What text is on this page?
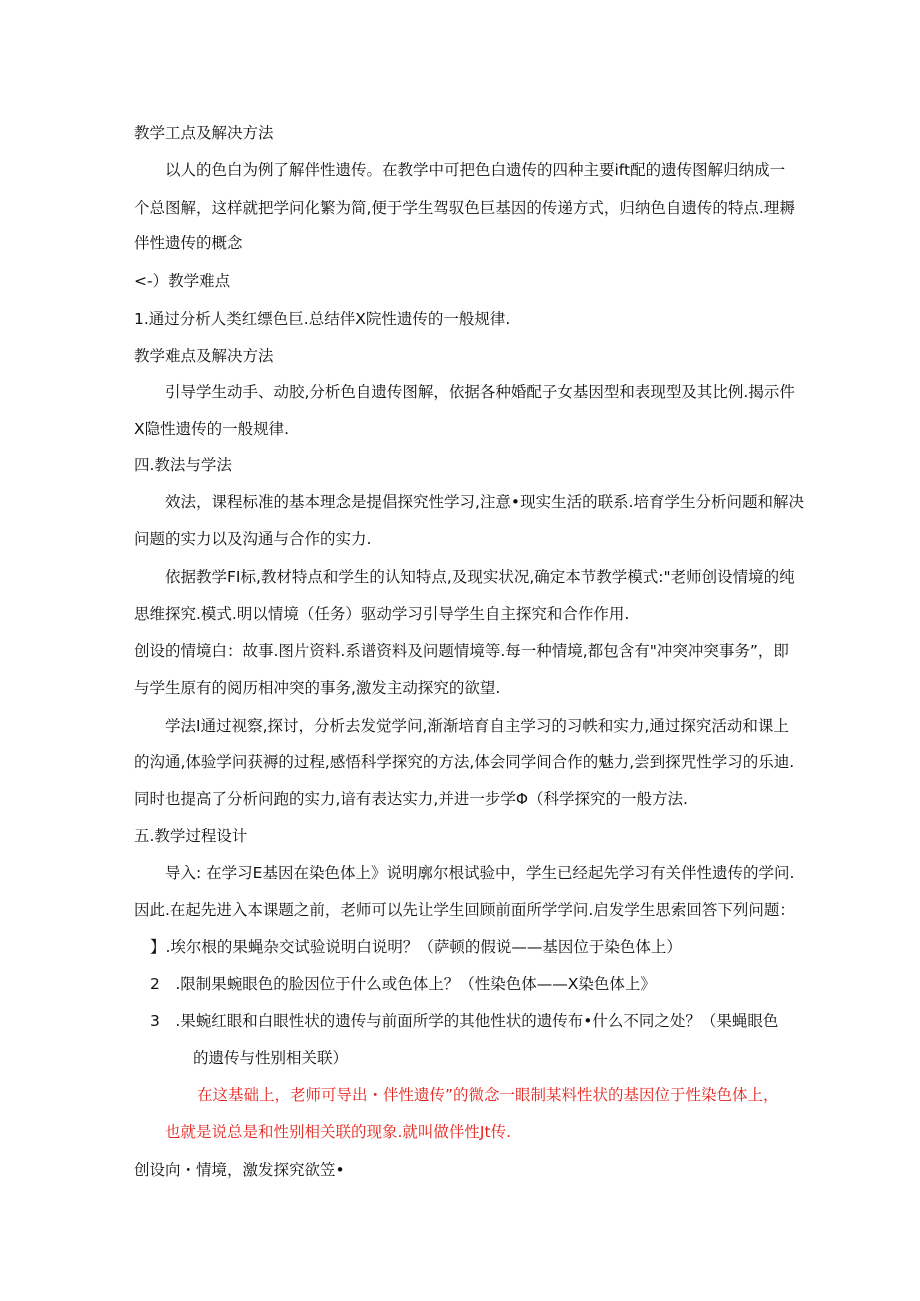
教学工点及解决方法
以人的色白为例了解伴性遗传。在教学中可把色白遗传的四种主要ift配的遗传图解归纳成一
个总图解，这样就把学问化繁为简,便于学生驾驭色巨基因的传递方式，归纳色自遗传的特点.理耨
伴性遗传的概念
<-）教学难点
1.通过分析人类红缥色巨.总结伴X院性遗传的一般规律.
教学难点及解决方法
引导学生动手、动胶,分析色自遗传图解，依据各种婚配子女基因型和表现型及其比例.揭示件
X隐性遗传的一般规律.
四.教法与学法
效法，课程标准的基本理念是提倡探究性学习,注意•现实生活的联系.培育学生分析问题和解决
问题的实力以及沟通与合作的实力.
依据教学FI标,教材特点和学生的认知特点,及现实状况,确定本节教学模式:"老师创设情境的纯
思维探究.模式.明以情境（任务）驱动学习引导学生自主探究和合作作用.
创设的情境白：故事.图片资料.系谱资料及问题情境等.每一种情境,都包含有"冲突冲突事务”，即
与学生原有的阅历相冲突的事务,激发主动探究的欲望.
学法I通过视察,探讨，分析去发觉学问,渐渐培育自主学习的习帙和实力,通过探究活动和课上
的沟通,体验学问获褥的过程,感悟科学探究的方法,体会同学间合作的魅力,尝到探咒性学习的乐迪.
同时也提高了分析问跑的实力,谙有表达实力,并进一步学Φ（科学探究的一般方法.
五.教学过程设计
导入: 在学习E基因在染色体上》说明廓尔根试验中，学生已经起先学习有关伴性遗传的学问.
因此.在起先进入本课题之前，老师可以先让学生回顾前面所学学问.启发学生思索回答下列问题：
】.埃尔根的果蝇杂交试验说明白说明？（萨顿的假说——基因位于染色体上）
2　.限制果蜿眼色的脸因位于什么或色体上？（性染色体——X染色体上》
3　.果蜿红眼和白眼性状的遗传与前面所学的其他性状的遗传布•什么不同之处？（果蝇眼色
的遗传与性别相关联）
在这基础上，老师可导出・伴性遗传”的微念一眼制某料性状的基因位于性染色体上，
也就是说总是和性别相关联的现象.就叫做伴性Jt传.
创设向・情境，激发探究欲笠•
